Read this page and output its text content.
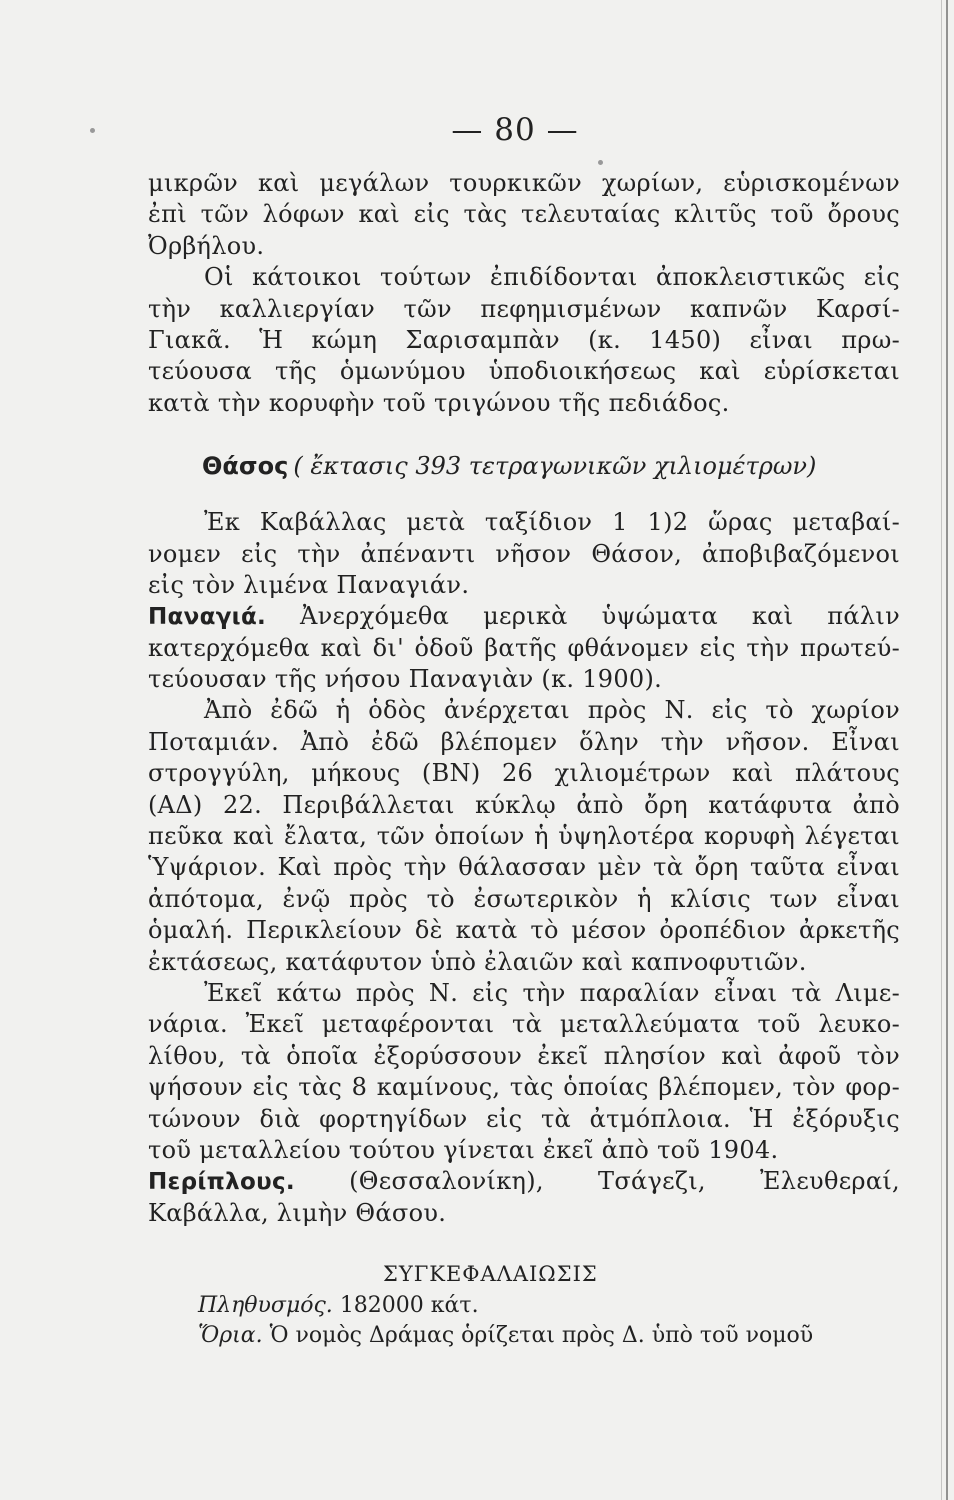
— 80 —
μικρῶν καὶ μεγάλων τουρκικῶν χωρίων, εὑρισκομένων
ἐπὶ τῶν λόφων καὶ εἰς τὰς τελευταίας κλιτῦς τοῦ ὄρους
Ὀρβήλου.
Οἱ κάτοικοι τούτων ἐπιδίδονται ἀποκλειστικῶς εἰς
τὴν καλλιεργίαν τῶν πεφημισμένων καπνῶν Καρσί-
Γιακᾶ. Ἡ κώμη Σαρισαμπὰν (κ. 1450) εἶναι πρω-
τεύουσα τῆς ὁμωνύμου ὑποδιοικήσεως καὶ εὑρίσκεται
κατὰ τὴν κορυφὴν τοῦ τριγώνου τῆς πεδιάδος.
Θάσος ( ἔκτασις 393 τετραγωνικῶν χιλιομέτρων)
Ἐκ Καβάλλας μετὰ ταξίδιον 1 1)2 ὥρας μεταβαί-
νομεν εἰς τὴν ἀπέναντι νῆσον Θάσον, ἀποβιβαζόμενοι
εἰς τὸν λιμένα Παναγιάν.
Παναγιά. Ἀνερχόμεθα μερικὰ ὑψώματα καὶ πάλιν
κατερχόμεθα καὶ δι' ὁδοῦ βατῆς φθάνομεν εἰς τὴν πρωτεύ-
τεύουσαν τῆς νήσου Παναγιὰν (κ. 1900).
Ἀπὸ ἐδῶ ἡ ὁδὸς ἀνέρχεται πρὸς Ν. εἰς τὸ χωρίον
Ποταμιάν. Ἀπὸ ἐδῶ βλέπομεν ὅλην τὴν νῆσον. Εἶναι
στρογγύλη, μήκους (ΒΝ) 26 χιλιομέτρων καὶ πλάτους
(ΑΔ) 22. Περιβάλλεται κύκλῳ ἀπὸ ὄρη κατάφυτα ἀπὸ
πεῦκα καὶ ἔλατα, τῶν ὁποίων ἡ ὑψηλοτέρα κορυφὴ λέγεται
Ὑψάριον. Καὶ πρὸς τὴν θάλασσαν μὲν τὰ ὄρη ταῦτα εἶναι
ἀπότομα, ἐνῷ πρὸς τὸ ἐσωτερικὸν ἡ κλίσις των εἶναι
ὁμαλή. Περικλείουν δὲ κατὰ τὸ μέσον ὀροπέδιον ἀρκετῆς
ἐκτάσεως, κατάφυτον ὑπὸ ἐλαιῶν καὶ καπνοφυτιῶν.
Ἐκεῖ κάτω πρὸς Ν. εἰς τὴν παραλίαν εἶναι τὰ Λιμε-
νάρια. Ἐκεῖ μεταφέρονται τὰ μεταλλεύματα τοῦ λευκο-
λίθου, τὰ ὁποῖα ἐξορύσσουν ἐκεῖ πλησίον καὶ ἀφοῦ τὸν
ψήσουν εἰς τὰς 8 καμίνους, τὰς ὁποίας βλέπομεν, τὸν φορ-
τώνουν διὰ φορτηγίδων εἰς τὰ ἀτμόπλοια. Ἡ ἐξόρυξις
τοῦ μεταλλείου τούτου γίνεται ἐκεῖ ἀπὸ τοῦ 1904.
Περίπλους. (Θεσσαλονίκη), Τσάγεζι, Ἐλευθεραί,
Καβάλλα, λιμὴν Θάσου.
ΣΥΓΚΕΦΑΛΑΙΩΣΙΣ
Πληθυσμός. 182000 κάτ.
Ὅρια. Ὁ νομὸς Δράμας ὁρίζεται πρὸς Δ. ὑπὸ τοῦ νομοῦ
